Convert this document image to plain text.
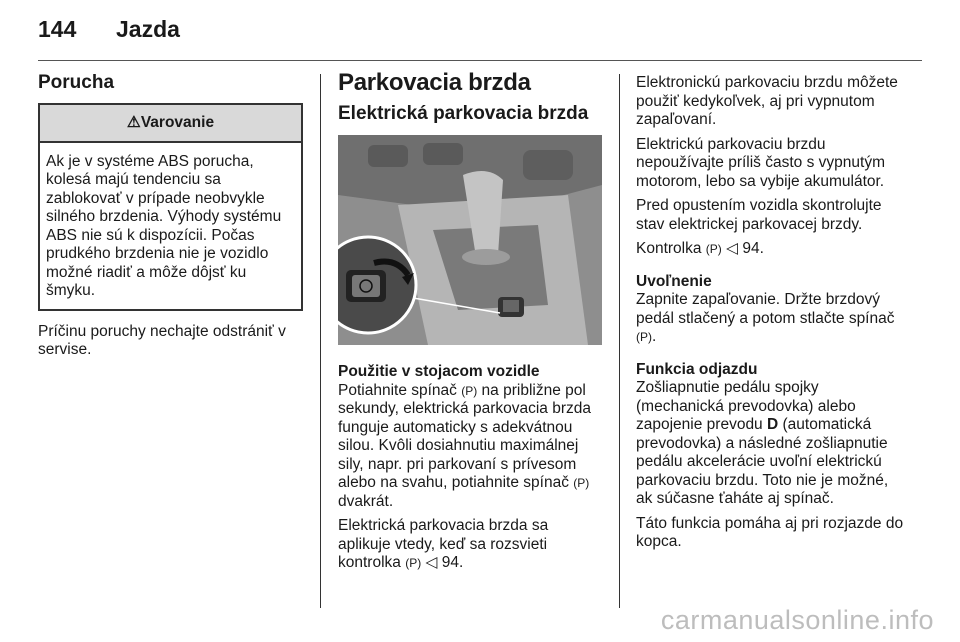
144 Jazda
Porucha
⚠Varovanie
Ak je v systéme ABS porucha, kolesá majú tendenciu sa zablokovať v prípade neobvykle silného brzdenia. Výhody systému ABS nie sú k dispozícii. Počas prudkého brzdenia nie je vozidlo možné riadiť a môže dôjsť ku šmyku.

Príčinu poruchy nechajte odstrániť v servise.

Parkovacia brzda
Elektrická parkovacia brzda
Použitie v stojacom vozidle

Potiahnite spínač (P) na približne pol sekundy, elektrická parkovacia brzda funguje automaticky s adekvátnou silou. Kvôli dosiahnutiu maximálnej sily, napr. pri parkovaní s prívesom alebo na svahu, potiahnite spínač (P) dvakrát.

Elektrická parkovacia brzda sa aplikuje vtedy, keď sa rozsvieti kontrolka (P) ◁ 94.

Elektronickú parkovaciu brzdu môžete použiť kedykoľvek, aj pri vypnutom zapaľovaní.

Elektrickú parkovaciu brzdu nepoužívajte príliš často s vypnutým motorom, lebo sa vybije akumulátor.

Pred opustením vozidla skontrolujte stav elektrickej parkovacej brzdy.

Kontrolka (P) ◁ 94.

Uvoľnenie

Zapnite zapaľovanie. Držte brzdový pedál stlačený a potom stlačte spínač (P).

Funkcia odjazdu

Zošliapnutie pedálu spojky (mechanická prevodovka) alebo zapojenie prevodu D (automatická prevodovka) a následné zošliapnutie pedálu akcelerácie uvoľní elektrickú parkovaciu brzdu. Toto nie je možné, ak súčasne ťaháte aj spínač.

Táto funkcia pomáha aj pri rozjazde do kopca.

carmanualsonline.info
